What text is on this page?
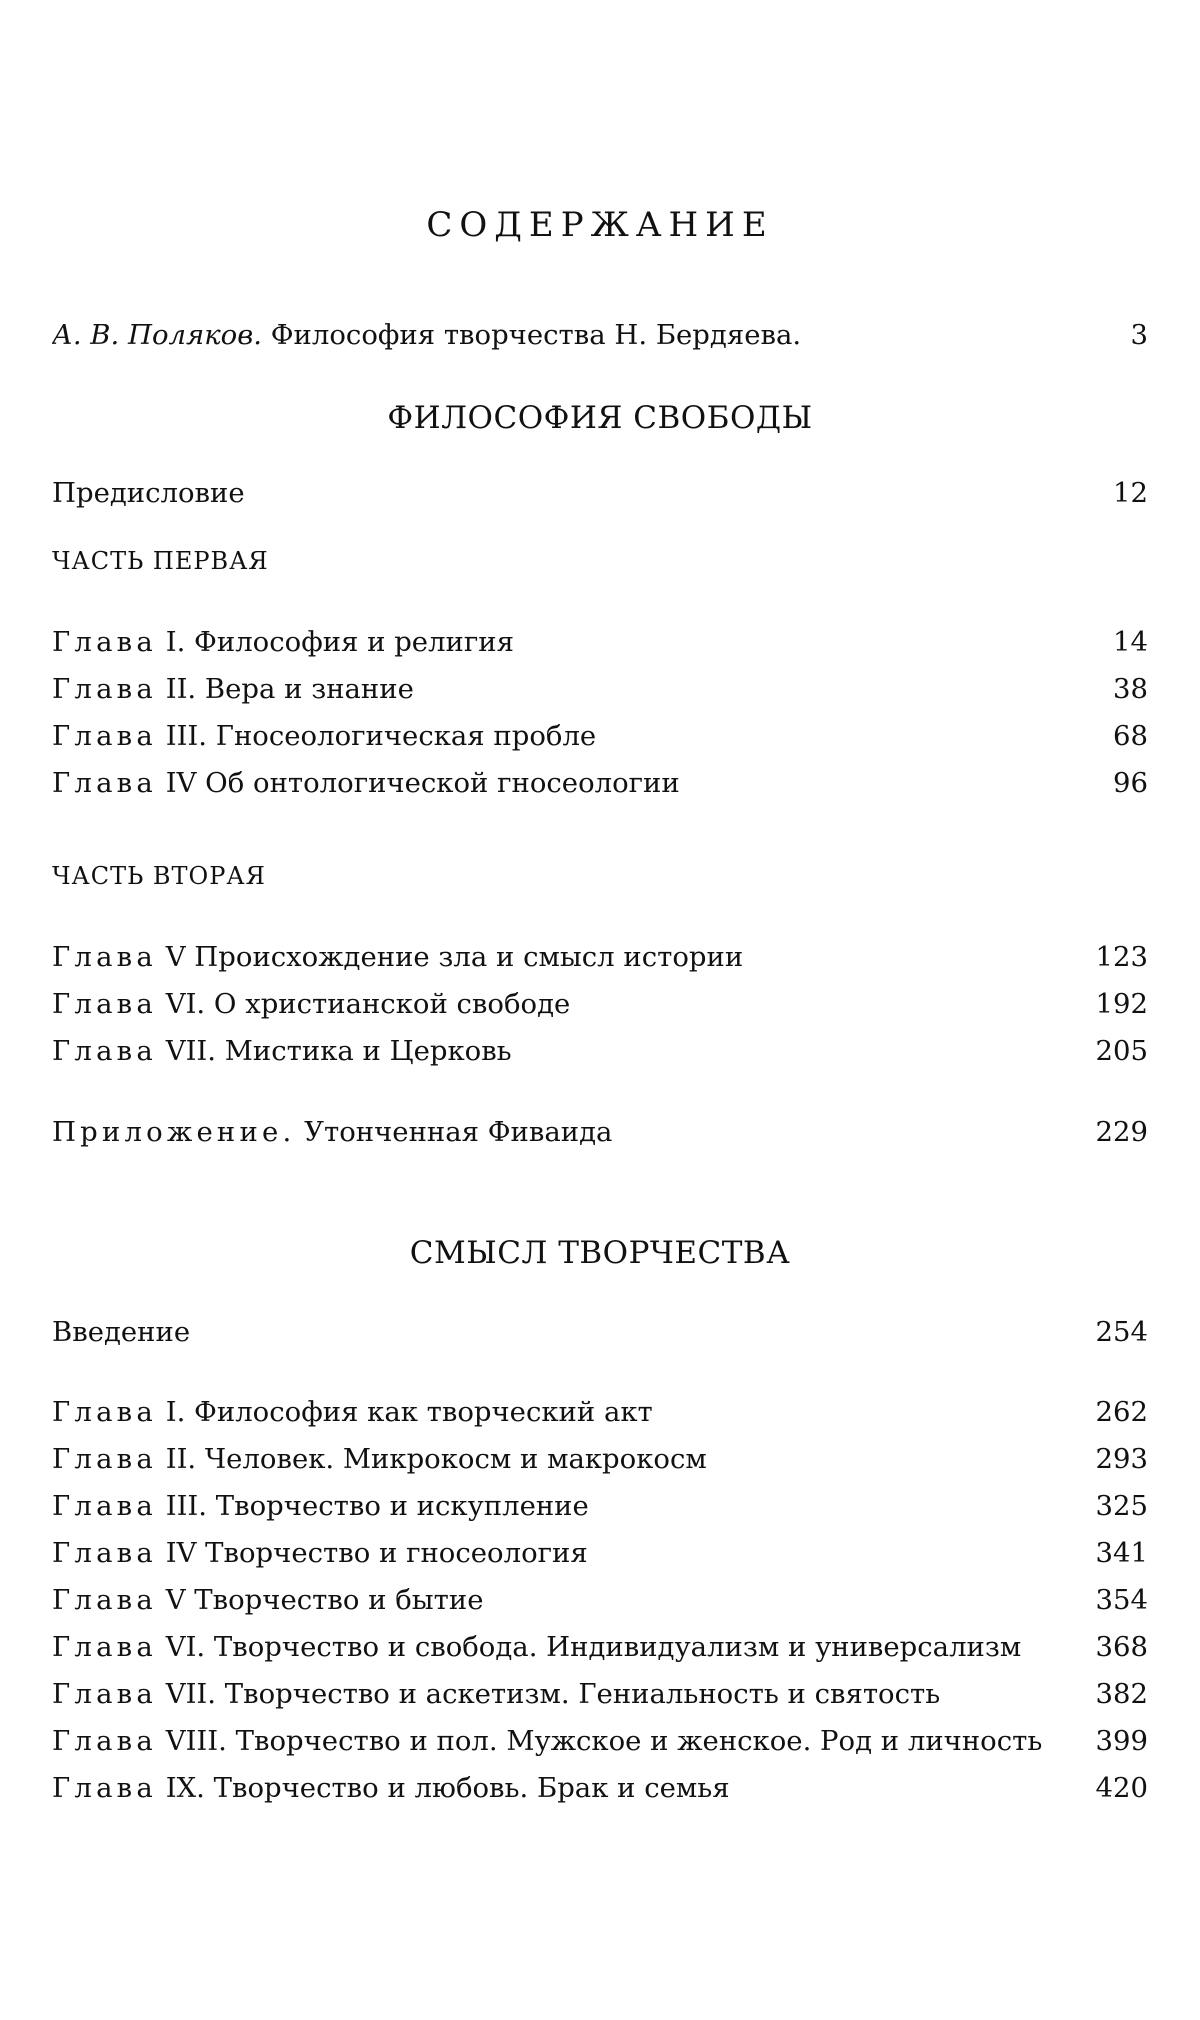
СОДЕРЖАНИЕ
А. В. Поляков. Философия творчества Н. Бердяева.	3
ФИЛОСОФИЯ СВОБОДЫ
Предисловие	12
ЧАСТЬ ПЕРВАЯ
Глава I. Философия и религия	14
Глава II. Вера и знание	38
Глава III. Гносеологическая пробле	68
Глава IV Об онтологической гносеологии	96
ЧАСТЬ ВТОРАЯ
Глава V Происхождение зла и смысл истории	123
Глава VI. О христианской свободе	192
Глава VII. Мистика и Церковь	205
Приложение. Утонченная Фиваида	229
СМЫСЛ ТВОРЧЕСТВА
Введение	254
Глава I. Философия как творческий акт	262
Глава II. Человек. Микрокосм и макрокосм	293
Глава III. Творчество и искупление	325
Глава IV Творчество и гносеология	341
Глава V Творчество и бытие	354
Глава VI. Творчество и свобода. Индивидуализм и универсализм	368
Глава VII. Творчество и аскетизм. Гениальность и святость	382
Глава VIII. Творчество и пол. Мужское и женское. Род и личность 399
Глава IX. Творчество и любовь. Брак и семья	420
